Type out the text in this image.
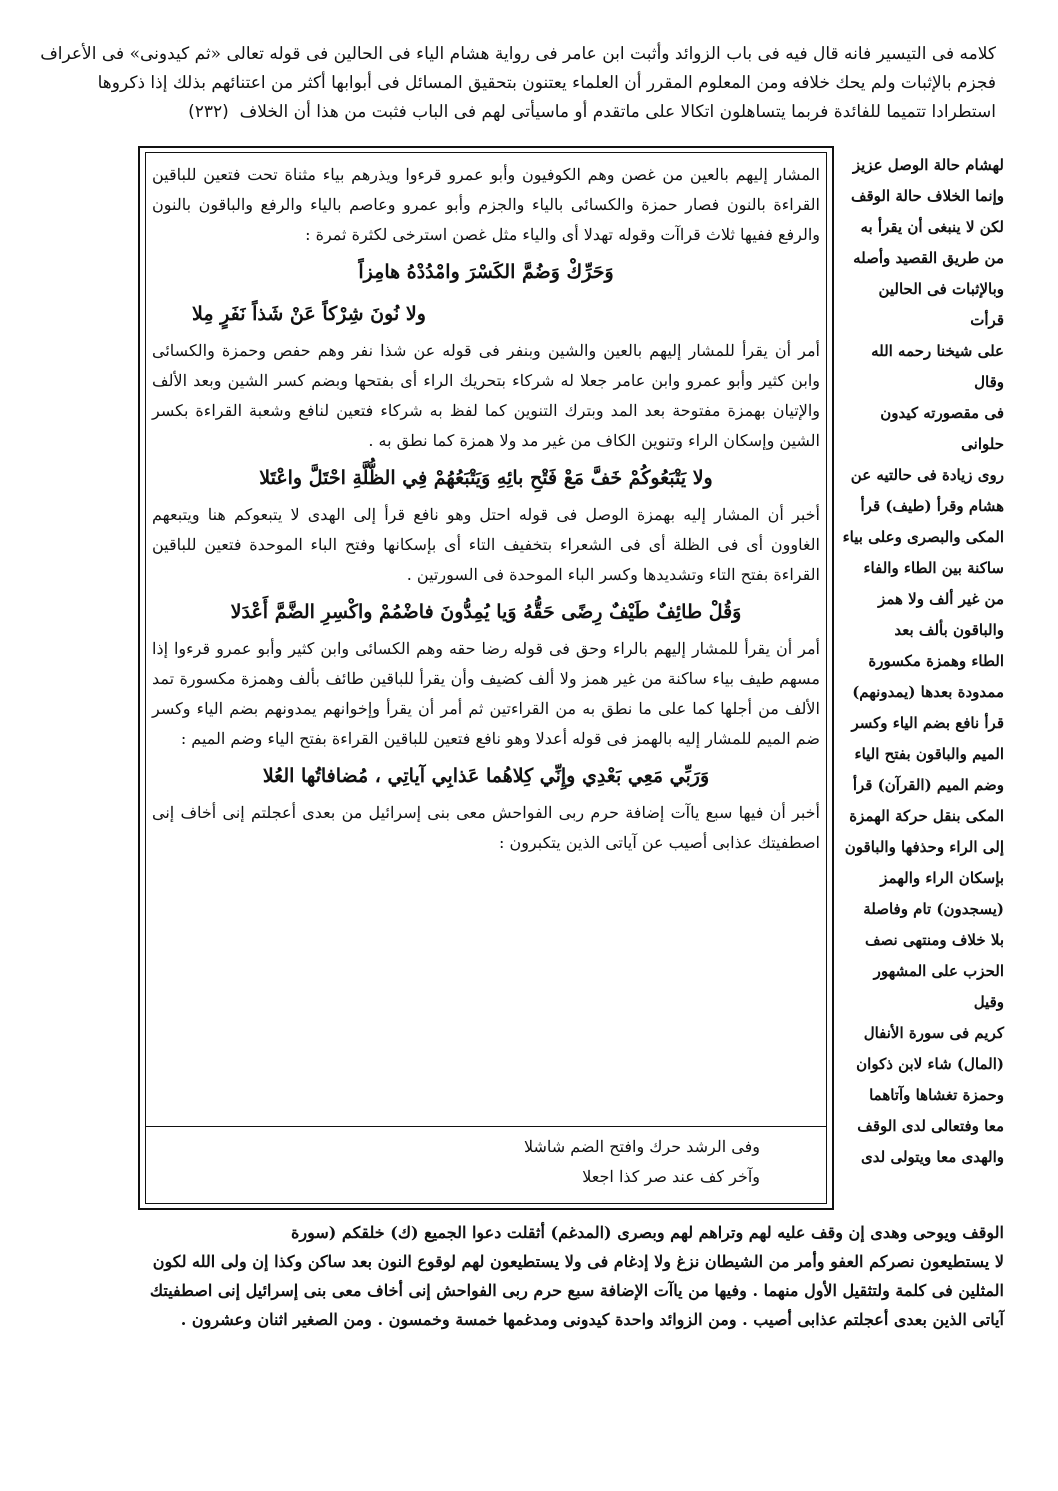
كلامه فى التيسير فانه قال فيه فى باب الزوائد وأثبت ابن عامر فى رواية هشام الياء فى الحالين فى قوله تعالى «ثم كيدونى» فى الأعراف

فجزم بالإثبات ولم يحك خلافه ومن المعلوم المقرر أن العلماء يعتنون بتحقيق المسائل فى أبوابها أكثر من اعتنائهم بذلك إذا ذكروها

استطرادا تتميما للفائدة فربما يتساهلون اتكالا على ماتقدم أو ماسيأتى لهم فى الباب فثبت من هذا أن الخلاف  (٢٣٢)

المشار إليهم بالعين من غصن وهم الكوفيون وأبو عمرو قرءوا ويذرهم بياء مثناة تحت فتعين للباقين القراءة بالنون فصار حمزة والكسائى بالياء والجزم وأبو عمرو وعاصم بالياء والرفع والباقون بالنون والرفع ففيها ثلاث قراآت وقوله تهدلا أى والياء مثل غصن استرخى لكثرة ثمرة :

وَحَرِّكْ وَضُمَّ الكَسْرَ وامْدُدْهُ هامِزاً

ولا نُونَ شِرْكاً عَنْ شَذاً نَفَرٍ مِلا

أمر أن يقرأ للمشار إليهم بالعين والشين وبنفر فى قوله عن شذا نفر وهم حفص وحمزة والكسائى وابن كثير وأبو عمرو وابن عامر جعلا له شركاء بتحريك الراء أى بفتحها وبضم كسر الشين وبعد الألف والإتيان بهمزة مفتوحة بعد المد وبترك التنوين كما لفظ به شركاء فتعين لنافع وشعبة القراءة بكسر الشين وإسكان الراء وتنوين الكاف من غير مد ولا همزة كما نطق به .

ولا يَتْبَعُوكُمْ خَفَّ مَعْ فَتْحِ بائِهِ وَيَتْبَعُهُمْ فِي الظُّلَّةِ احْتَلَّ واعْتَلا

أخبر أن المشار إليه بهمزة الوصل فى قوله احتل وهو نافع قرأ إلى الهدى لا يتبعوكم هنا ويتبعهم الغاوون أى فى الظلة أى فى الشعراء بتخفيف التاء أى بإسكانها وفتح الباء الموحدة فتعين للباقين القراءة بفتح التاء وتشديدها وكسر الباء الموحدة فى السورتين .

وَقُلْ طائِفٌ طَيْفٌ رِضًى حَقُّهُ وَيا يُمِدُّونَ فاضْمُمْ واكْسِرِ الضَّمَّ أَعْدَلا

أمر أن يقرأ للمشار إليهم بالراء وحق فى قوله رضا حقه وهم الكسائى وابن كثير وأبو عمرو قرءوا إذا مسهم طيف بياء ساكنة من غير همز ولا ألف كضيف وأن يقرأ للباقين طائف بألف وهمزة مكسورة تمد الألف من أجلها كما على ما نطق به من القراءتين ثم أمر أن يقرأ وإخوانهم يمدونهم بضم الياء وكسر ضم الميم للمشار إليه بالهمز فى قوله أعدلا وهو نافع فتعين للباقين القراءة بفتح الياء وضم الميم :

وَرَبِّي مَعِي بَعْدِي وإِنِّي كِلاهُما عَذابِي آياتِي ، مُضافاتُها العُلا

أخبر أن فيها سبع ياآت إضافة حرم ربى الفواحش معى بنى إسرائيل من بعدى أعجلتم إنى أخاف إنى اصطفيتك عذابى أصيب عن آياتى الذين يتكبرون :

وفى الرشد حرك وافتح الضم شاشلا

وآخر كف عند صر كذا اجعلا

لهشام حالة الوصل عزيز

وإنما الخلاف حالة الوقف

لكن لا ينبغى أن يقرأ به

من طريق القصيد وأصله

وبالإثبات فى الحالين قرأت

على شيخنا رحمه الله وقال

فى مقصورته كيدون حلوانى

روى زيادة فى حالتيه عن

هشام وقرأ (طيف) قرأ

المكى والبصرى وعلى بياء

ساكنة بين الطاء والفاء

من غير ألف ولا همز

والباقون بألف بعد

الطاء وهمزة مكسورة

ممدودة بعدها (يمدونهم)

قرأ نافع بضم الياء وكسر

الميم والباقون بفتح الياء

وضم الميم (القرآن) قرأ

المكى بنقل حركة الهمزة

إلى الراء وحذفها والباقون

بإسكان الراء والهمز

(يسجدون) تام وفاصلة

بلا خلاف ومنتهى نصف

الحزب على المشهور وقيل

كريم فى سورة الأنفال

(المال) شاء لابن ذكوان

وحمزة تغشاها وآتاهما

معا وفتعالى لدى الوقف

والهدى معا ويتولى لدى

الوقف ويوحى وهدى إن وقف عليه لهم وتراهم لهم وبصرى (المدغم) أثقلت دعوا الجميع (ك) خلقكم (سورة

لا يستطيعون نصركم العفو وأمر من الشيطان نزغ ولا إدغام فى ولا يستطيعون لهم لوقوع النون بعد ساكن وكذا إن ولى الله لكون

المثلين فى كلمة ولتثقيل الأول منهما . وفيها من ياآت الإضافة سبع حرم ربى الفواحش إنى أخاف معى بنى إسرائيل إنى اصطفيتك

آياتى الذين بعدى أعجلتم عذابى أصيب . ومن الزوائد واحدة كيدونى ومدغمها خمسة وخمسون . ومن الصغير اثنان وعشرون .
